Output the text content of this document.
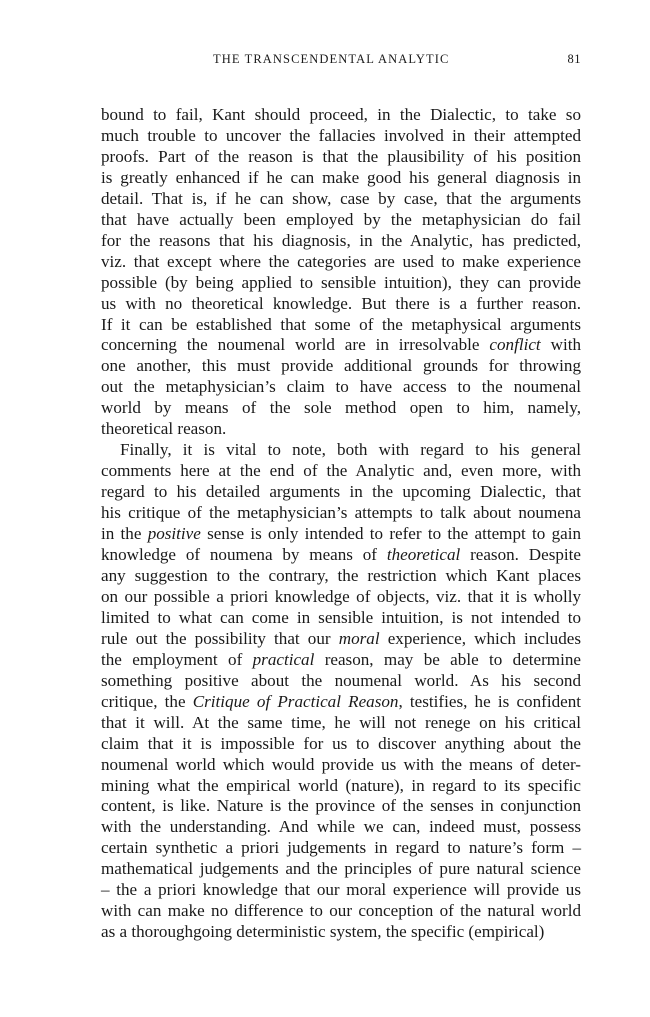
THE TRANSCENDENTAL ANALYTIC	81

bound to fail, Kant should proceed, in the Dialectic, to take so
much trouble to uncover the fallacies involved in their attempted
proofs. Part of the reason is that the plausibility of his position
is greatly enhanced if he can make good his general diagnosis in
detail. That is, if he can show, case by case, that the arguments
that have actually been employed by the metaphysician do fail
for the reasons that his diagnosis, in the Analytic, has predicted,
viz. that except where the categories are used to make experience
possible (by being applied to sensible intuition), they can provide
us with no theoretical knowledge. But there is a further reason.
If it can be established that some of the metaphysical arguments
concerning the noumenal world are in irresolvable conflict with
one another, this must provide additional grounds for throwing
out the metaphysician’s claim to have access to the noumenal
world by means of the sole method open to him, namely,
theoretical reason.

Finally, it is vital to note, both with regard to his general
comments here at the end of the Analytic and, even more, with
regard to his detailed arguments in the upcoming Dialectic, that
his critique of the metaphysician’s attempts to talk about noumena
in the positive sense is only intended to refer to the attempt to gain
knowledge of noumena by means of theoretical reason. Despite
any suggestion to the contrary, the restriction which Kant places
on our possible a priori knowledge of objects, viz. that it is wholly
limited to what can come in sensible intuition, is not intended to
rule out the possibility that our moral experience, which includes
the employment of practical reason, may be able to determine
something positive about the noumenal world. As his second
critique, the Critique of Practical Reason, testifies, he is confident
that it will. At the same time, he will not renege on his critical
claim that it is impossible for us to discover anything about the
noumenal world which would provide us with the means of deter-
mining what the empirical world (nature), in regard to its specific
content, is like. Nature is the province of the senses in conjunction
with the understanding. And while we can, indeed must, possess
certain synthetic a priori judgements in regard to nature’s form –
mathematical judgements and the principles of pure natural science
– the a priori knowledge that our moral experience will provide us
with can make no difference to our conception of the natural world
as a thoroughgoing deterministic system, the specific (empirical)
